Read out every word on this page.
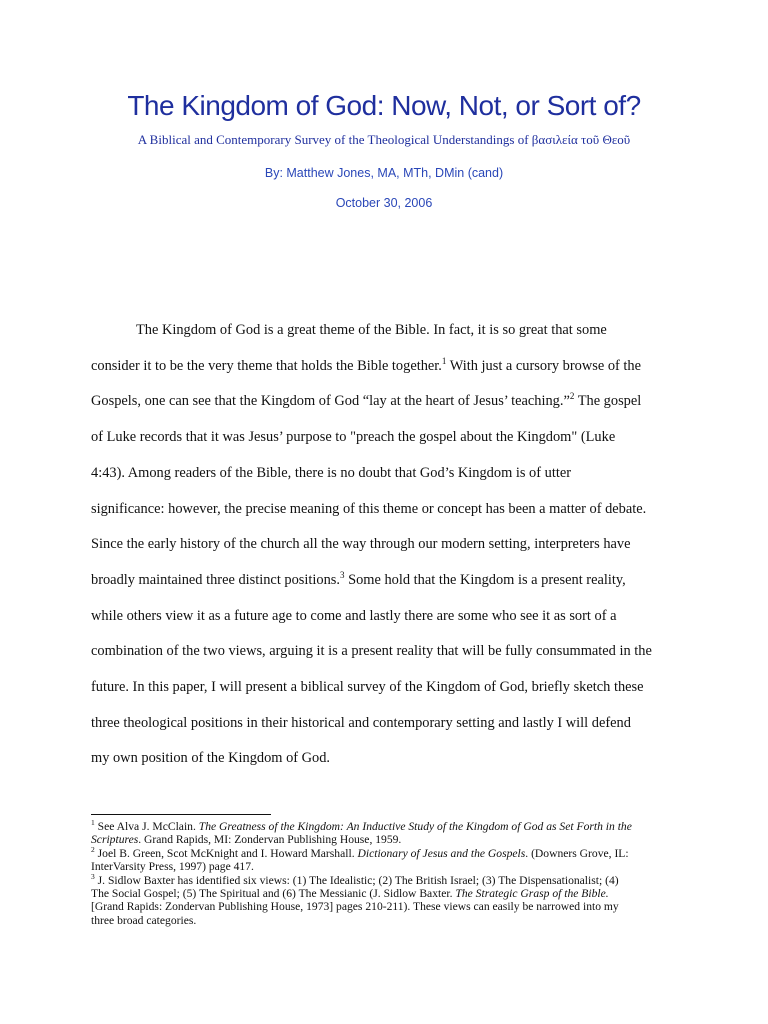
The Kingdom of God: Now, Not, or Sort of?
A Biblical and Contemporary Survey of the Theological Understandings of βασιλεία τοῦ Θεοῦ
By: Matthew Jones, MA, MTh, DMin (cand)
October 30, 2006
The Kingdom of God is a great theme of the Bible. In fact, it is so great that some
consider it to be the very theme that holds the Bible together.$^1$ With just a cursory browse of the
Gospels, one can see that the Kingdom of God “lay at the heart of Jesus’ teaching.”$^2$ The gospel
of Luke records that it was Jesus’ purpose to "preach the gospel about the Kingdom" (Luke
4:43). Among readers of the Bible, there is no doubt that God’s Kingdom is of utter
significance: however, the precise meaning of this theme or concept has been a matter of debate.
Since the early history of the church all the way through our modern setting, interpreters have
broadly maintained three distinct positions.$^3$ Some hold that the Kingdom is a present reality,
while others view it as a future age to come and lastly there are some who see it as sort of a
combination of the two views, arguing it is a present reality that will be fully consummated in the
future. In this paper, I will present a biblical survey of the Kingdom of God, briefly sketch these
three theological positions in their historical and contemporary setting and lastly I will defend
my own position of the Kingdom of God.
$^1$ See Alva J. McClain. The Greatness of the Kingdom: An Inductive Study of the Kingdom of God as Set Forth in the
Scriptures. Grand Rapids, MI: Zondervan Publishing House, 1959.
$^2$ Joel B. Green, Scot McKnight and I. Howard Marshall. Dictionary of Jesus and the Gospels. (Downers Grove, IL:
InterVarsity Press, 1997) page 417.
$^3$ J. Sidlow Baxter has identified six views: (1) The Idealistic; (2) The British Israel; (3) The Dispensationalist; (4)
The Social Gospel; (5) The Spiritual and (6) The Messianic (J. Sidlow Baxter. The Strategic Grasp of the Bible.
[Grand Rapids: Zondervan Publishing House, 1973] pages 210-211). These views can easily be narrowed into my
three broad categories.
